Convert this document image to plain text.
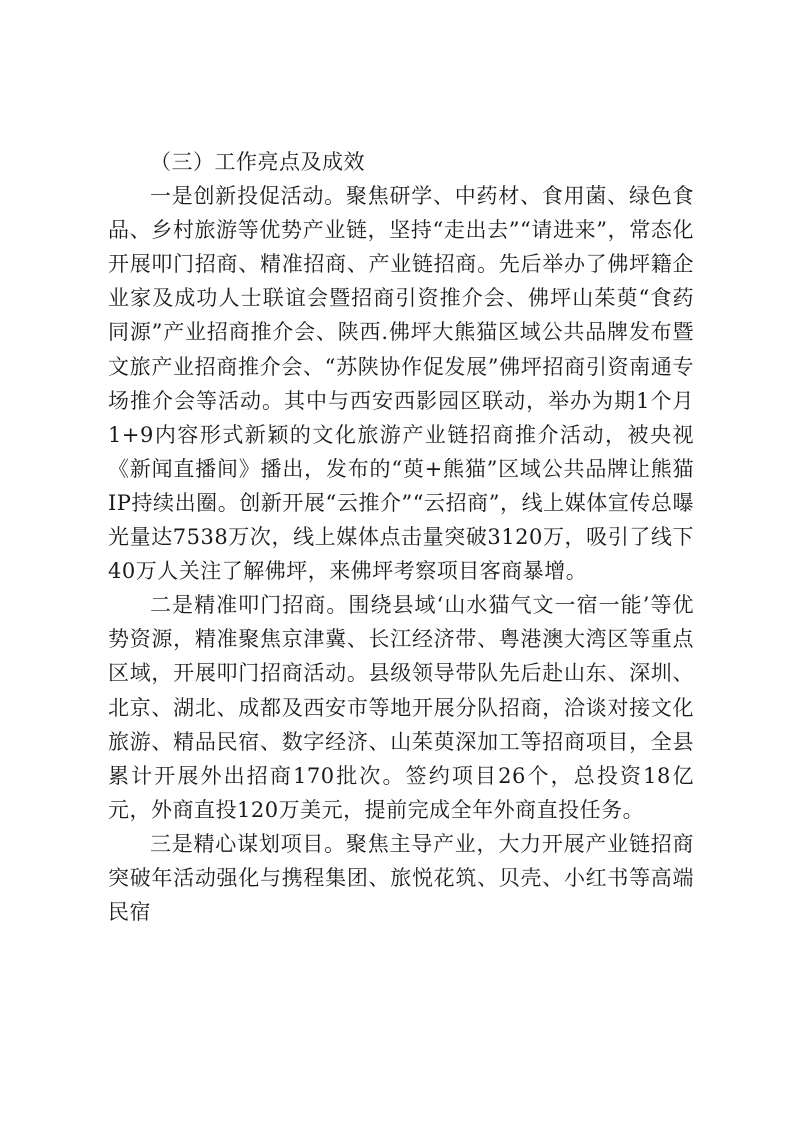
（三）工作亮点及成效

一是创新投促活动。聚焦研学、中药材、食用菌、绿色食品、乡村旅游等优势产业链，坚持“走出去”“请进来”，常态化开展叩门招商、精准招商、产业链招商。先后举办了佛坪籍企业家及成功人士联谊会暨招商引资推介会、佛坪山茱萸“食药同源”产业招商推介会、陕西.佛坪大熊猫区域公共品牌发布暨文旅产业招商推介会、“苏陕协作促发展”佛坪招商引资南通专场推介会等活动。其中与西安西影园区联动，举办为期1个月1+9内容形式新颖的文化旅游产业链招商推介活动，被央视《新闻直播间》播出，发布的“萸+熊猫”区域公共品牌让熊猫IP持续出圈。创新开展“云推介”“云招商”，线上媒体宣传总曝光量达7538万次，线上媒体点击量突破3120万，吸引了线下40万人关注了解佛坪，来佛坪考察项目客商暴增。

二是精准叩门招商。围绕县域‘山水猫气文一宿一能’等优势资源，精准聚焦京津冀、长江经济带、粤港澳大湾区等重点区域，开展叩门招商活动。县级领导带队先后赴山东、深圳、北京、湖北、成都及西安市等地开展分队招商，洽谈对接文化旅游、精品民宿、数字经济、山茱萸深加工等招商项目，全县累计开展外出招商170批次。签约项目26个，总投资18亿元，外商直投120万美元，提前完成全年外商直投任务。

三是精心谋划项目。聚焦主导产业，大力开展产业链招商突破年活动强化与携程集团、旅悦花筑、贝壳、小红书等高端民宿
